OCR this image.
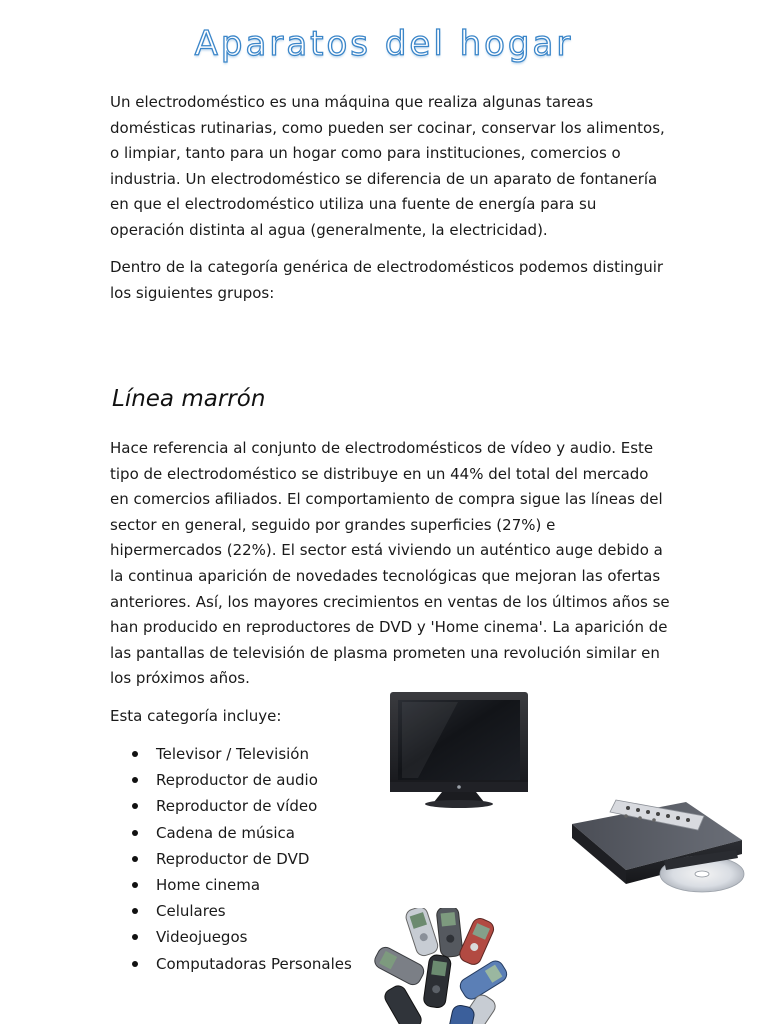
Aparatos del hogar
Un electrodoméstico es una máquina que realiza algunas tareas domésticas rutinarias, como pueden ser cocinar, conservar los alimentos, o limpiar, tanto para un hogar como para instituciones, comercios o industria. Un electrodoméstico se diferencia de un aparato de fontanería en que el electrodoméstico utiliza una fuente de energía para su operación distinta al agua (generalmente, la electricidad).
Dentro de la categoría genérica de electrodomésticos podemos distinguir los siguientes grupos:
Línea marrón
Hace referencia al conjunto de electrodomésticos de vídeo y audio. Este tipo de electrodoméstico se distribuye en un 44% del total del mercado en comercios afiliados. El comportamiento de compra sigue las líneas del sector en general, seguido por grandes superficies (27%) e hipermercados (22%). El sector está viviendo un auténtico auge debido a la continua aparición de novedades tecnológicas que mejoran las ofertas anteriores. Así, los mayores crecimientos en ventas de los últimos años se han producido en reproductores de DVD y 'Home cinema'. La aparición de las pantallas de televisión de plasma prometen una revolución similar en los próximos años.
Esta categoría incluye:
Televisor / Televisión
Reproductor de audio
Reproductor de vídeo
Cadena de música
Reproductor de DVD
Home cinema
Celulares
Videojuegos
Computadoras Personales
